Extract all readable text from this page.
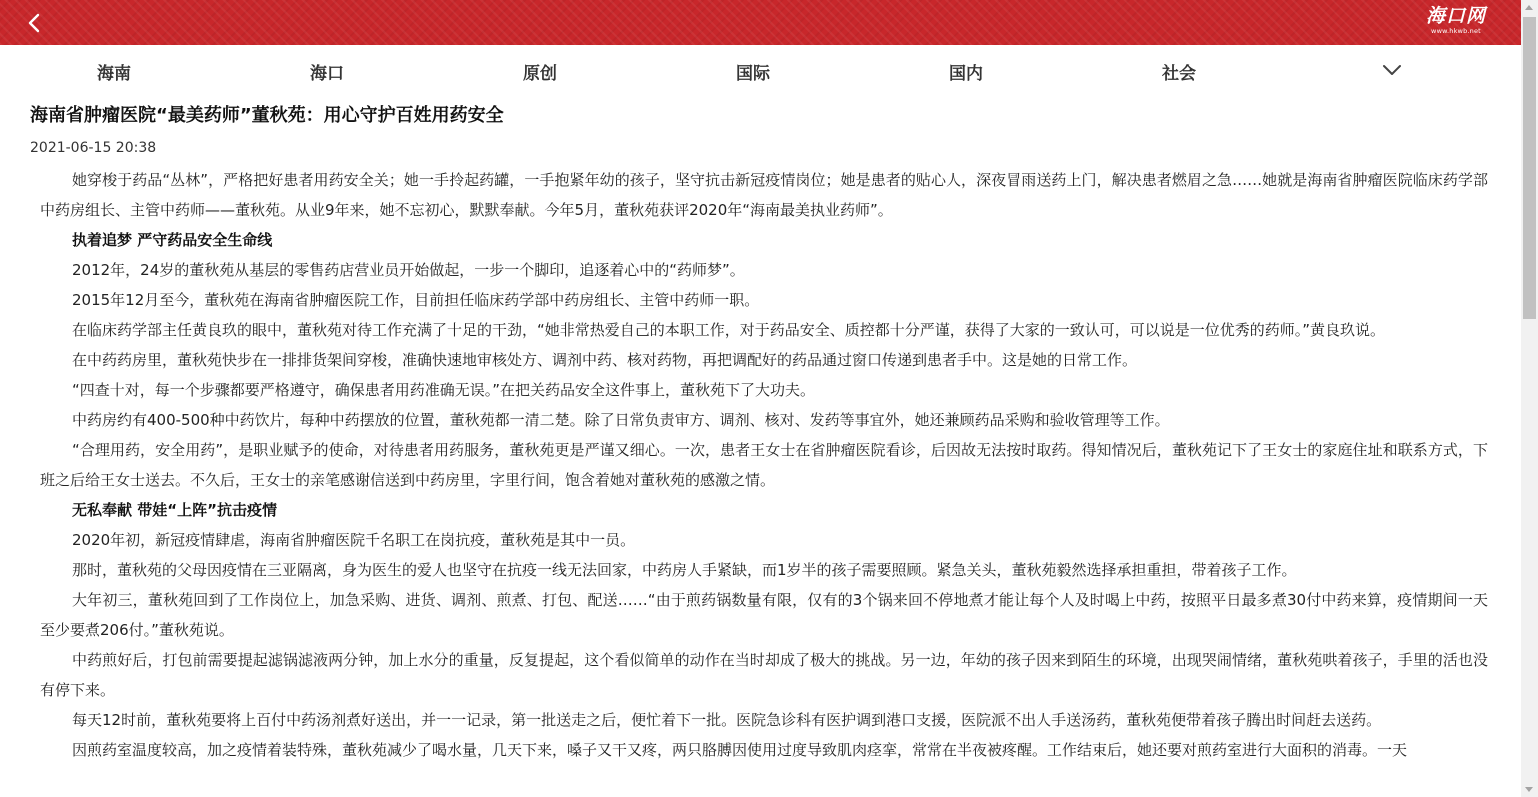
海口网
www.hkwb.net
海南	海口	原创	国际	国内	社会
海南省肿瘤医院“最美药师”董秋苑：用心守护百姓用药安全
2021-06-15 20:38

她穿梭于药品“丛林”，严格把好患者用药安全关；她一手拎起药罐，一手抱紧年幼的孩子，坚守抗击新冠疫情岗位；她是患者的贴心人，深夜冒雨送药上门，解决患者燃眉之急……她就是海南省肿瘤医院临床药学部中药房组长、主管中药师——董秋苑。从业9年来，她不忘初心，默默奉献。今年5月，董秋苑获评2020年“海南最美执业药师”。

执着追梦 严守药品安全生命线

2012年，24岁的董秋苑从基层的零售药店营业员开始做起，一步一个脚印，追逐着心中的“药师梦”。

2015年12月至今，董秋苑在海南省肿瘤医院工作，目前担任临床药学部中药房组长、主管中药师一职。

在临床药学部主任黄良玖的眼中，董秋苑对待工作充满了十足的干劲，“她非常热爱自己的本职工作，对于药品安全、质控都十分严谨，获得了大家的一致认可，可以说是一位优秀的药师。”黄良玖说。

在中药药房里，董秋苑快步在一排排货架间穿梭，准确快速地审核处方、调剂中药、核对药物，再把调配好的药品通过窗口传递到患者手中。这是她的日常工作。

“四查十对，每一个步骤都要严格遵守，确保患者用药准确无误。”在把关药品安全这件事上，董秋苑下了大功夫。

中药房约有400-500种中药饮片，每种中药摆放的位置，董秋苑都一清二楚。除了日常负责审方、调剂、核对、发药等事宜外，她还兼顾药品采购和验收管理等工作。

“合理用药，安全用药”，是职业赋予的使命，对待患者用药服务，董秋苑更是严谨又细心。一次，患者王女士在省肿瘤医院看诊，后因故无法按时取药。得知情况后，董秋苑记下了王女士的家庭住址和联系方式，下班之后给王女士送去。不久后，王女士的亲笔感谢信送到中药房里，字里行间，饱含着她对董秋苑的感激之情。

无私奉献 带娃“上阵”抗击疫情

2020年初，新冠疫情肆虐，海南省肿瘤医院千名职工在岗抗疫，董秋苑是其中一员。

那时，董秋苑的父母因疫情在三亚隔离，身为医生的爱人也坚守在抗疫一线无法回家，中药房人手紧缺，而1岁半的孩子需要照顾。紧急关头，董秋苑毅然选择承担重担，带着孩子工作。

大年初三，董秋苑回到了工作岗位上，加急采购、进货、调剂、煎煮、打包、配送……“由于煎药锅数量有限，仅有的3个锅来回不停地煮才能让每个人及时喝上中药，按照平日最多煮30付中药来算，疫情期间一天至少要煮206付。”董秋苑说。

中药煎好后，打包前需要提起滤锅滤液两分钟，加上水分的重量，反复提起，这个看似简单的动作在当时却成了极大的挑战。另一边，年幼的孩子因来到陌生的环境，出现哭闹情绪，董秋苑哄着孩子，手里的活也没有停下来。

每天12时前，董秋苑要将上百付中药汤剂煮好送出，并一一记录，第一批送走之后，便忙着下一批。医院急诊科有医护调到港口支援，医院派不出人手送汤药，董秋苑便带着孩子腾出时间赶去送药。

因煎药室温度较高，加之疫情着装特殊，董秋苑减少了喝水量，几天下来，嗓子又干又疼，两只胳膊因使用过度导致肌肉痉挛，常常在半夜被疼醒。工作结束后，她还要对煎药室进行大面积的消毒。一天
